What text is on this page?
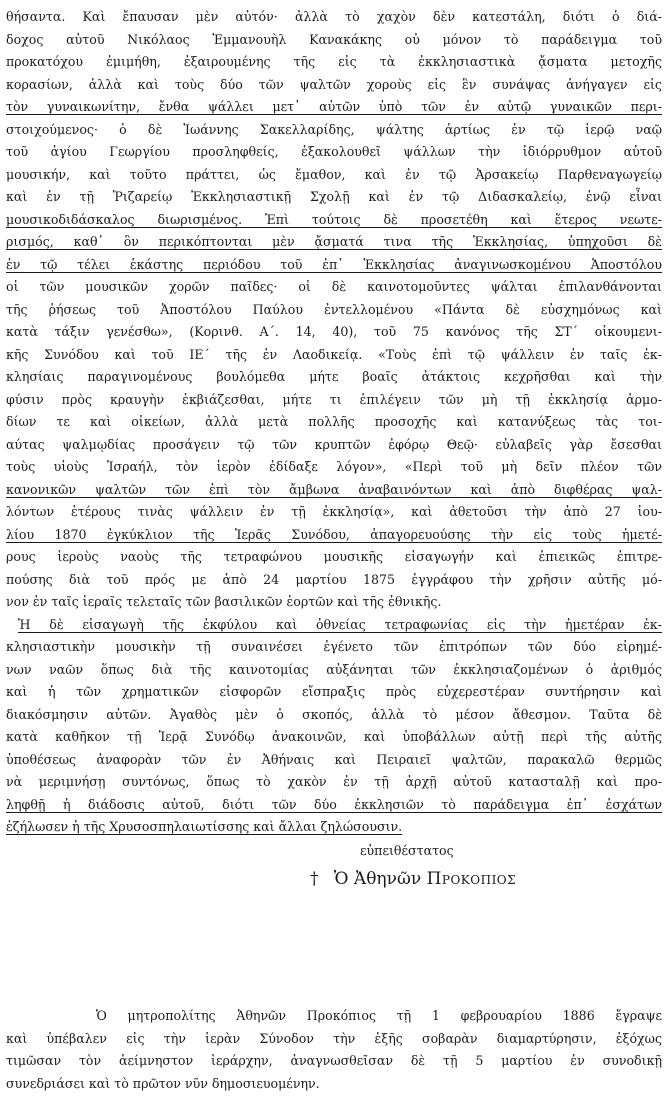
θήσαντα. Καὶ ἔπαυσαν μὲν αὐτόν· ἀλλὰ τὸ χαχὸν δὲν κατεστάλη, διότι ὁ διά-
δοχος αὐτοῦ Νικόλαος Ἐμμανουὴλ Κανακάκης οὐ μόνον τὸ παράδειγμα τοῦ
προκατόχου ἐμιμήθη, ἐξαιρουμένης τῆς εἰς τὰ ἐκκλησιαστικὰ ᾄσματα μετοχῆς
κορασίων, ἀλλὰ καὶ τοὺς δύο τῶν ψαλτῶν χοροὺς εἰς ἓν συνάψας ἀνήγαγεν εἰς
τὸν γυναικωνίτην, ἔνθα ψάλλει μετ᾽ αὐτῶν ὑπὸ τῶν ἐν αὐτῷ γυναικῶν περι-
στοιχούμενος· ὁ δὲ Ἰωάννης Σακελλαρίδης, ψάλτης ἀρτίως ἐν τῷ ἱερῷ ναῷ
τοῦ ἁγίου Γεωργίου προσληφθείς, ἐξακολουθεῖ ψάλλων τὴν ἰδιόρρυθμον αὐτοῦ
μουσικήν, καὶ τοῦτο πράττει, ὡς ἔμαθον, καὶ ἐν τῷ Ἀρσακείῳ Παρθεναγωγείῳ
καὶ ἐν τῇ Ῥιζαρείῳ Ἐκκλησιαστικῇ Σχολῇ καὶ ἐν τῷ Διδασκαλείῳ, ἐνῷ εἶναι
μουσικοδιδάσκαλος διωρισμένος. Ἐπὶ τούτοις δὲ προσετέθη καὶ ἕτερος νεωτε-
ρισμός, καθ᾽ ὃν περικόπτονται μὲν ᾄσματά τινα τῆς Ἐκκλησίας, ὑπηχοῦσι δὲ
ἐν τῷ τέλει ἑκάστης περιόδου τοῦ ἐπ᾽ Ἐκκλησίας ἀναγινωσκομένου Ἀποστόλου
οἱ τῶν μουσικῶν χορῶν παῖδες· οἱ δὲ καινοτομοῦντες ψάλται ἐπιλανθάνονται
τῆς ῥήσεως τοῦ Ἀποστόλου Παύλου ἐντελλομένου «Πάντα δὲ εὐσχημόνως καὶ
κατὰ τάξιν γενέσθω», (Κορινθ. Α΄. 14, 40), τοῦ 75 κανόνος τῆς ΣΤ΄ οἰκουμενι-
κῆς Συνόδου καὶ τοῦ ΙΕ΄ τῆς ἐν Λαοδικείᾳ. «Τοὺς ἐπὶ τῷ ψάλλειν ἐν ταῖς ἐκ-
κλησίαις παραγινομένους βουλόμεθα μήτε βοαῖς ἀτάκτοις κεχρῆσθαι καὶ τὴν
φύσιν πρὸς κραυγὴν ἐκβιάζεσθαι, μήτε τι ἐπιλέγειν τῶν μὴ τῇ ἐκκλησίᾳ ἁρμο-
δίων τε καὶ οἰκείων, ἀλλὰ μετὰ πολλῆς προσοχῆς καὶ κατανύξεως τὰς τοι-
αύτας ψαλμῳδίας προσάγειν τῷ τῶν κρυπτῶν ἐφόρῳ Θεῷ· εὐλαβεῖς γὰρ ἔσεσθαι
τοὺς υἱοὺς Ἰσραήλ, τὸν ἱερὸν ἐδίδαξε λόγον», «Περὶ τοῦ μὴ δεῖν πλέον τῶν
κανονικῶν ψαλτῶν τῶν ἐπὶ τὸν ἄμβωνα ἀναβαινόντων καὶ ἀπὸ διφθέρας ψαλ-
λόντων ἑτέρους τινὰς ψάλλειν ἐν τῇ ἐκκλησίᾳ», καὶ ἀθετοῦσι τὴν ἀπὸ 27 ἰου-
λίου 1870 ἐγκύκλιον τῆς Ἱερᾶς Συνόδου, ἀπαγορευούσης τὴν εἰς τοὺς ἡμετέ-
ρους ἱεροὺς ναοὺς τῆς τετραφώνου μουσικῆς εἰσαγωγήν καὶ ἐπιεικῶς ἐπιτρε-
πούσης διὰ τοῦ πρός με ἀπὸ 24 μαρτίου 1875 ἐγγράφου τὴν χρῆσιν αὐτῆς μό-
νον ἐν ταῖς ἱεραῖς τελεταῖς τῶν βασιλικῶν ἑορτῶν καὶ τῆς ἐθνικῆς.
Ἡ δὲ εἰσαγωγὴ τῆς ἐκφύλου καὶ ὀθνείας τετραφωνίας εἰς τὴν ἡμετέραν ἐκ-
κλησιαστικὴν μουσικὴν τῇ συναινέσει ἐγένετο τῶν ἐπιτρόπων τῶν δύο εἰρημέ-
νων ναῶν ὅπως διὰ τῆς καινοτομίας αὐξάνηται τῶν ἐκκλησιαζομένων ὁ ἀριθμός
καὶ ἡ τῶν χρηματικῶν εἰσφορῶν εἴσπραξις πρὸς εὐχερεστέραν συντήρησιν καὶ
διακόσμησιν αὐτῶν. Ἀγαθὸς μὲν ὁ σκοπός, ἀλλὰ τὸ μέσον ἄθεσμον. Ταῦτα δὲ
κατὰ καθῆκον τῇ Ἱερᾷ Συνόδῳ ἀνακοινῶν, καὶ ὑποβάλλων αὐτῇ περὶ τῆς αὐτῆς
ὑποθέσεως ἀναφορὰν τῶν ἐν Ἀθήναις καὶ Πειραιεῖ ψαλτῶν, παρακαλῶ θερμῶς
νὰ μεριμνήσῃ συντόνως, ὅπως τὸ χακὸν ἐν τῇ ἀρχῇ αὐτοῦ κατασταλῇ καὶ προ-
ληφθῇ ἡ διάδοσις αὐτοῦ, διότι τῶν δύο ἐκκλησιῶν τὸ παράδειγμα ἐπ᾽ ἐσχάτων
ἐζήλωσεν ἡ τῆς Χρυσοσπηλαιωτίσσης καὶ ἄλλαι ζηλώσουσιν.
εὐπειθέστατος
† Ὁ Ἀθηνῶν Προκοπιος
Ὁ μητροπολίτης Ἀθηνῶν Προκόπιος τῇ 1 φεβρουαρίου 1886 ἔγραψε
καὶ ὑπέβαλεν εἰς τὴν ἱερὰν Σύνοδον τὴν ἑξῆς σοβαρὰν διαμαρτύρησιν, ἐξόχως
τιμῶσαν τὸν ἀείμνηστον ἱεράρχην, ἀναγνωσθεῖσαν δὲ τῇ 5 μαρτίου ἐν συνοδικῇ
συνεδριάσει καὶ τὸ πρῶτον νῦν δημοσιευομένην.
